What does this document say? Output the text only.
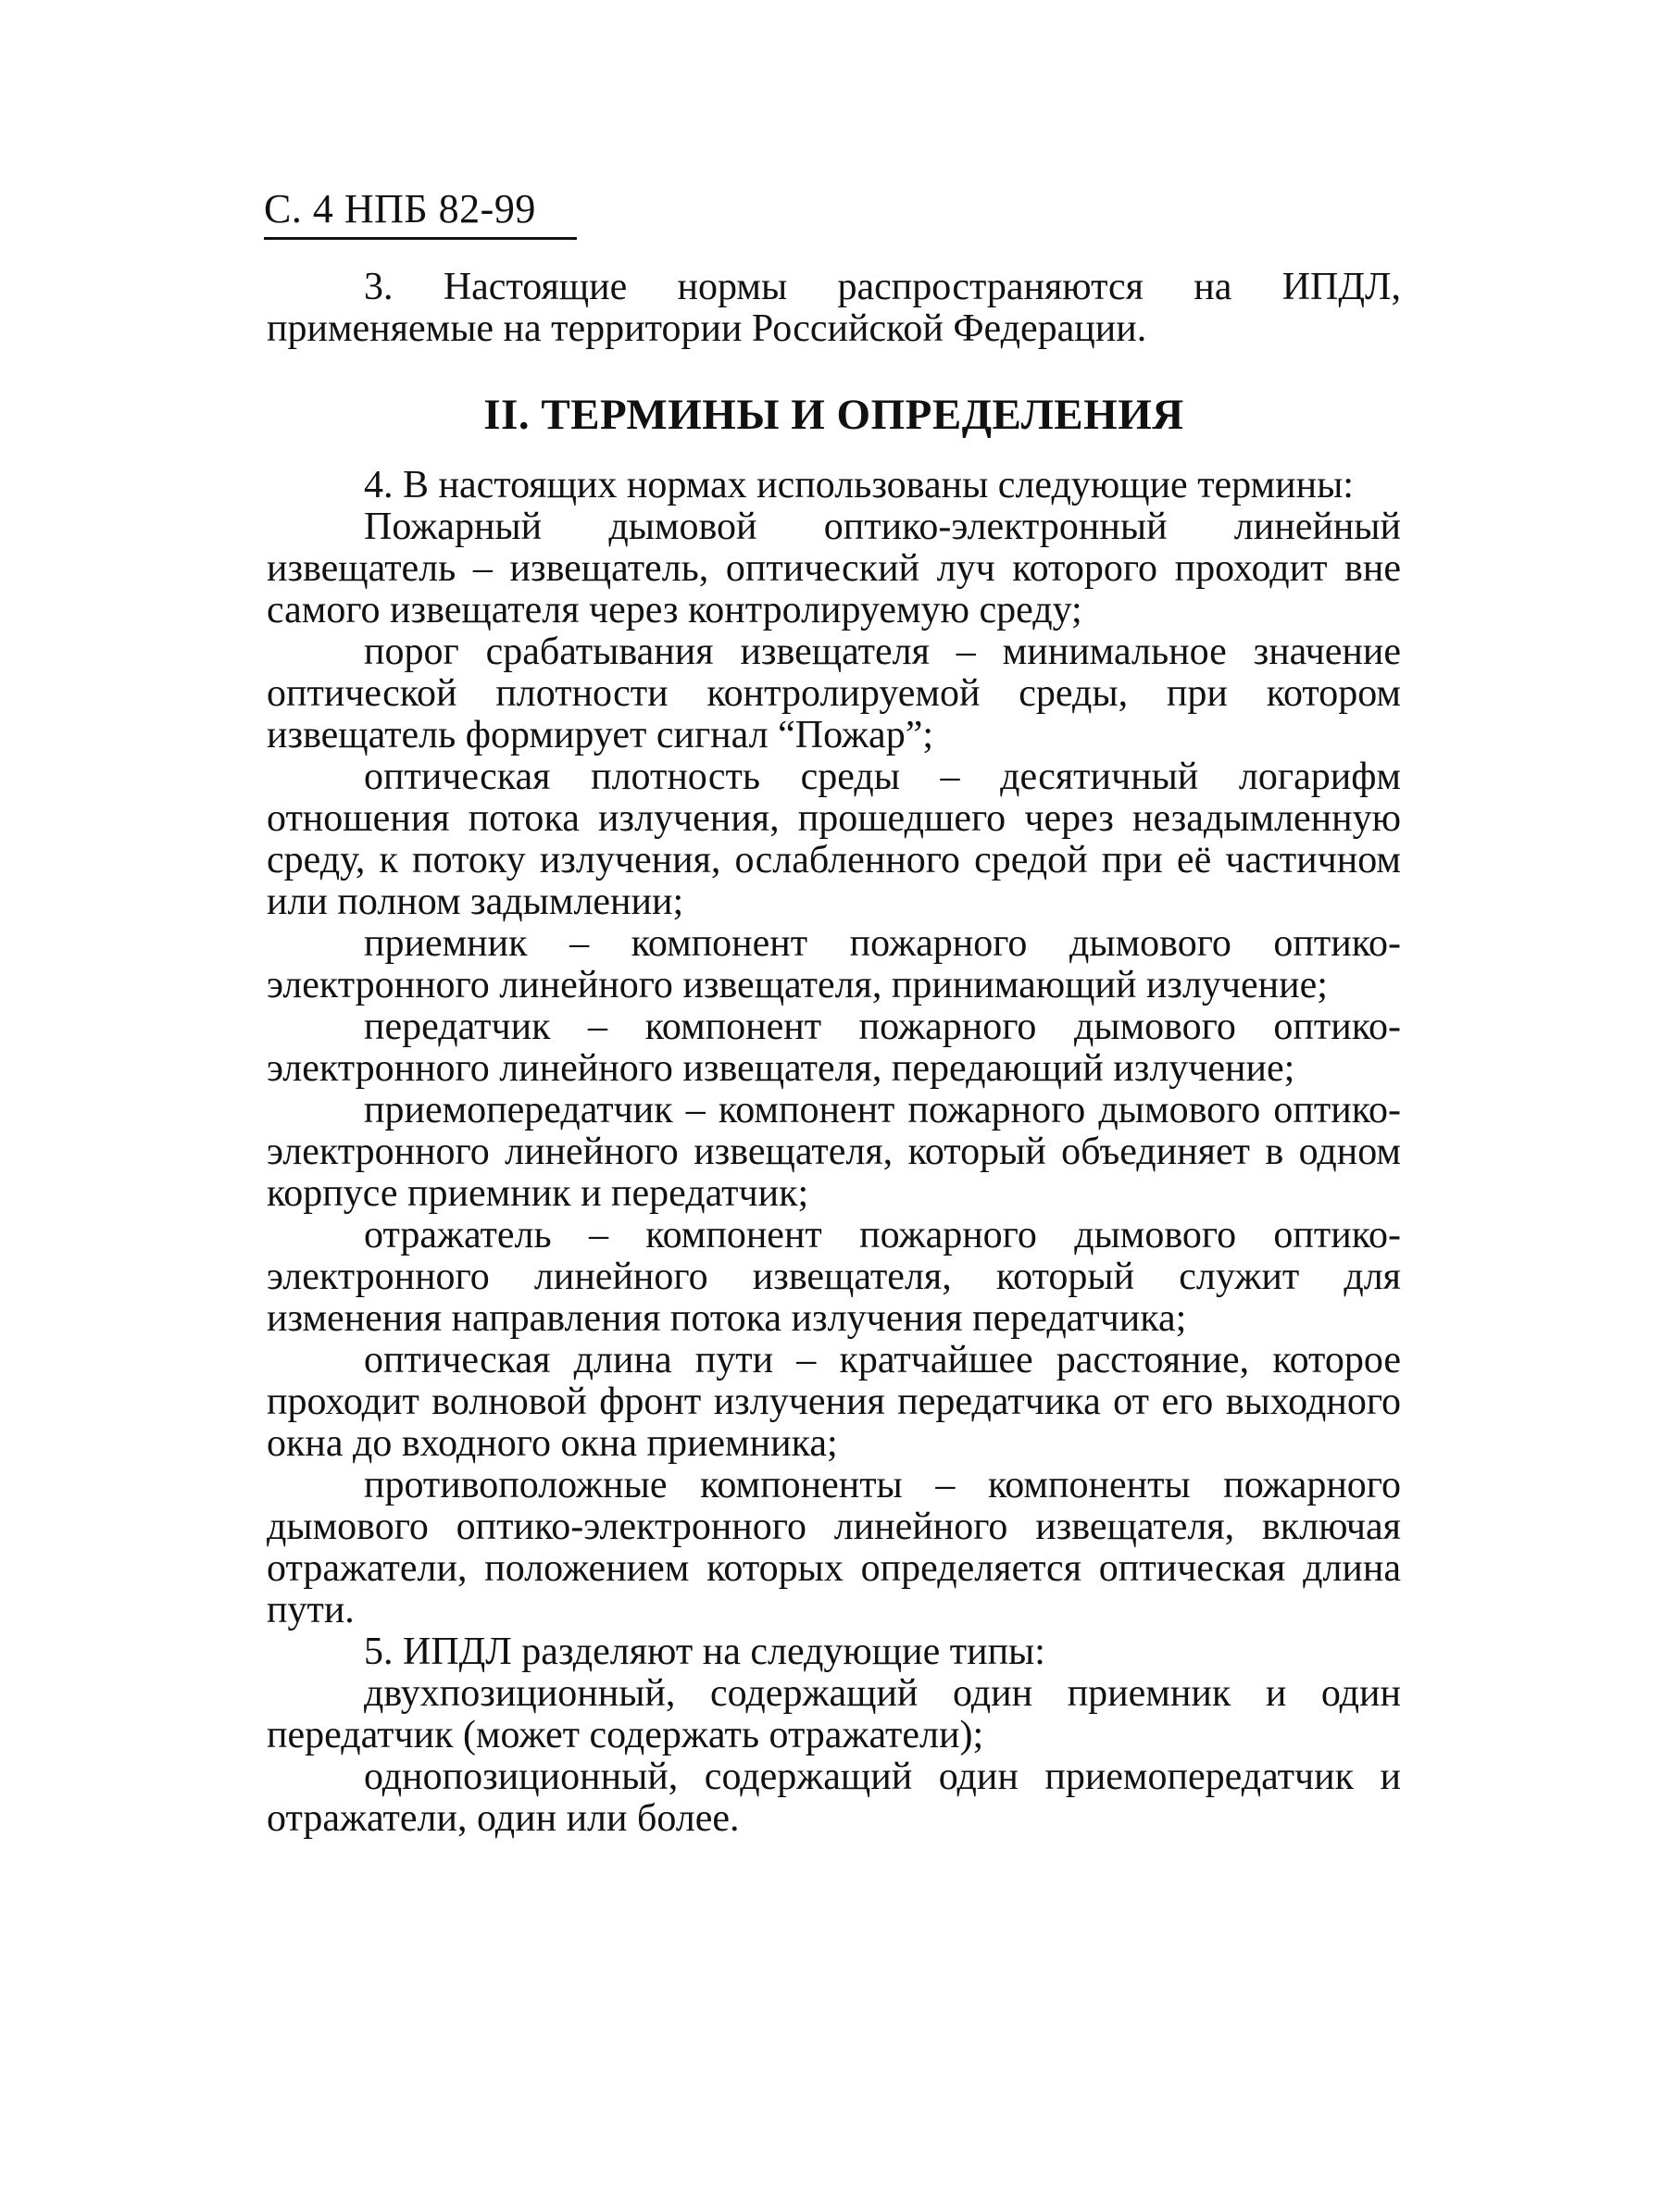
С. 4 НПБ 82-99

3. Настоящие нормы распространяются на ИПДЛ, применяемые на территории Российской Федерации.

II. ТЕРМИНЫ И ОПРЕДЕЛЕНИЯ

4. В настоящих нормах использованы следующие термины:

Пожарный дымовой оптико-электронный линейный извещатель – извещатель, оптический луч которого проходит вне самого извещателя через контролируемую среду;

порог срабатывания извещателя – минимальное значение оптической плотности контролируемой среды, при котором извещатель формирует сигнал “Пожар”;

оптическая плотность среды – десятичный логарифм отношения потока излучения, прошедшего через незадымленную среду, к потоку излучения, ослабленного средой при её частичном или полном задымлении;

приемник – компонент пожарного дымового оптико-электронного линейного извещателя, принимающий излучение;

передатчик – компонент пожарного дымового оптико-электронного линейного извещателя, передающий излучение;

приемопередатчик – компонент пожарного дымового оптико-электронного линейного извещателя, который объединяет в одном корпусе приемник и передатчик;

отражатель – компонент пожарного дымового оптико-электронного линейного извещателя, который служит для изменения направления потока излучения передатчика;

оптическая длина пути – кратчайшее расстояние, которое проходит волновой фронт излучения передатчика от его выходного окна до входного окна приемника;

противоположные компоненты – компоненты пожарного дымового оптико-электронного линейного извещателя, включая отражатели, положением которых определяется оптическая длина пути.

5. ИПДЛ разделяют на следующие типы:

двухпозиционный, содержащий один приемник и один передатчик (может содержать отражатели);

однопозиционный, содержащий один приемопередатчик и отражатели, один или более.
